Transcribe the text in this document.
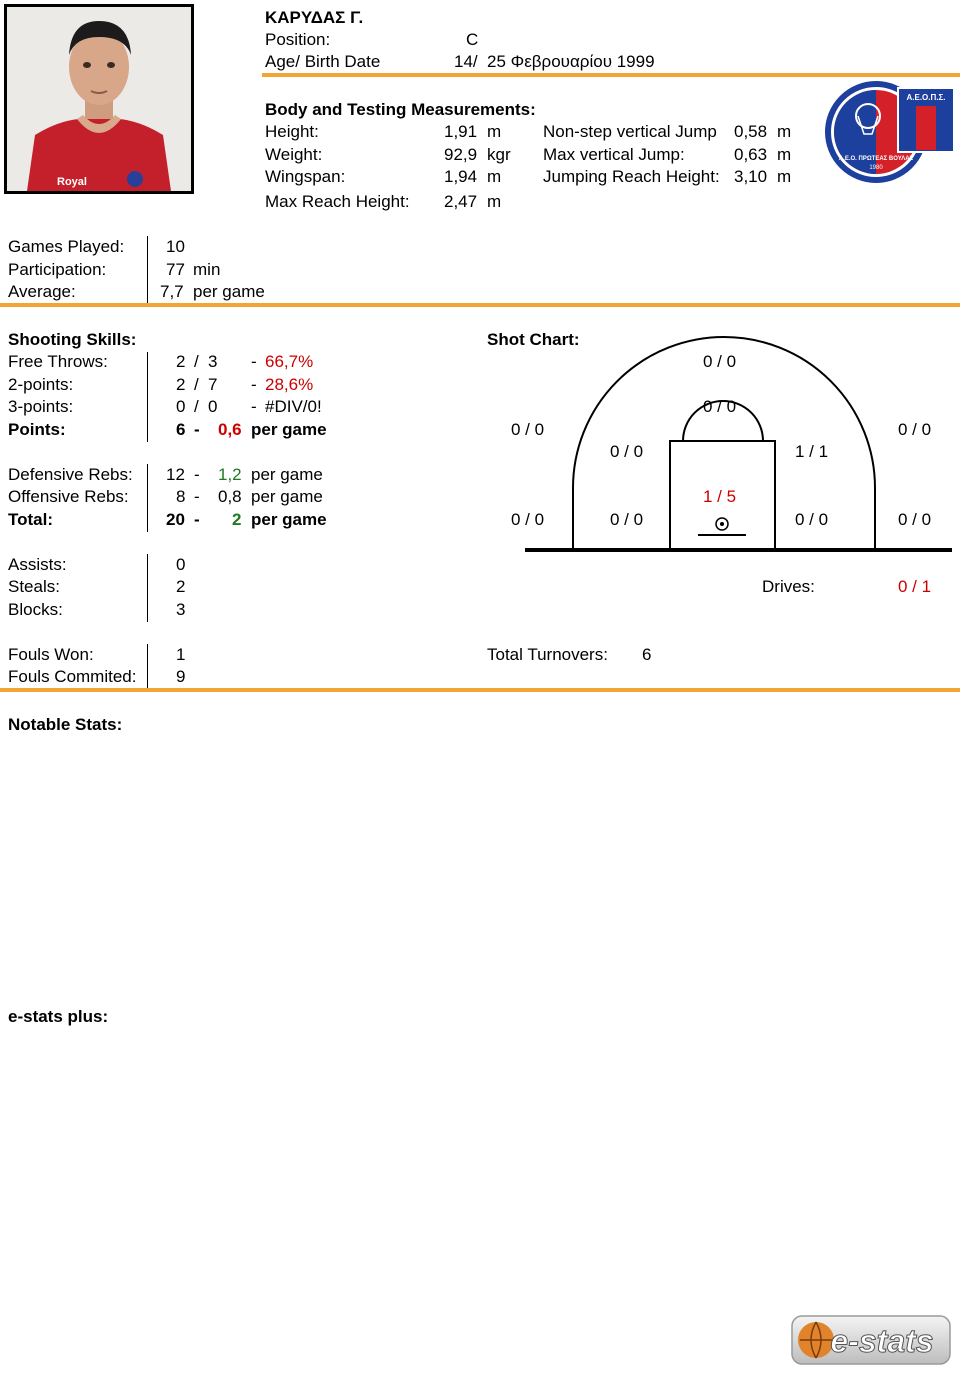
Royal
ΚΑΡΥΔΑΣ Γ.
Position:	C
Age/ Birth Date	14/ 25 Φεβρουαρίου 1999
Body and Testing Measurements:
Height:	1,91 m
Weight:	92,9 kgr
Wingspan:	1,94 m
Max Reach Height: 2,47 m
Non-step vertical Jump 0,58 m
Max vertical Jump:	0,63 m
Jumping Reach Height: 3,10 m
Α.Ε.Ο.Π.Σ.
Α.Ε.Ο. ΠΡΩΤΕΑΣ ΒΟΥΛΑΣ
1980
Games Played: 10
Participation:	77 min
Average:	7,7 per game
Shooting Skills:
Free Throws:	2 / 3 - 66,7%
2-points:	2 / 7 - 28,6%
3-points:	0 / 0 - #DIV/0!
Points:	6 - 0,6 per game
Defensive Rebs: 12 - 1,2 per game
Offensive Rebs:	8 - 0,8 per game
Total:	20 - 2 per game
Assists:	0
Steals:	2
Blocks:	3
Fouls Won:	1
Fouls Commited: 9
Total Turnovers: 6
Shot Chart:
0 / 0
0 / 0
0 / 0	0 / 0
0 / 0	1 / 1
1 / 5
0 / 0	0 / 0	0 / 0	0 / 0
Drives:	0 / 1
Notable Stats:
e-stats plus:
e-stats
